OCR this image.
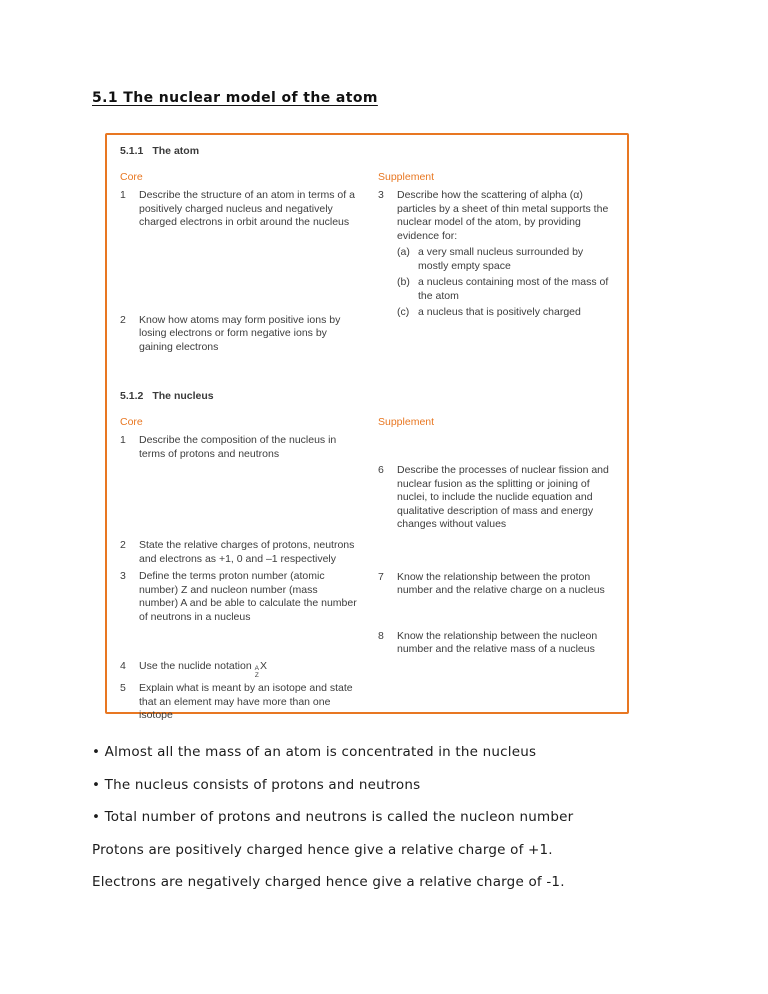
5.1 The nuclear model of the atom
5.1.1 The atom
Core
1	Describe the structure of an atom in terms of a positively charged nucleus and negatively charged electrons in orbit around the nucleus
2	Know how atoms may form positive ions by losing electrons or form negative ions by gaining electrons
Supplement
3	Describe how the scattering of alpha (α) particles by a sheet of thin metal supports the nuclear model of the atom, by providing evidence for:
(a) a very small nucleus surrounded by mostly empty space
(b) a nucleus containing most of the mass of the atom
(c) a nucleus that is positively charged
5.1.2 The nucleus
Core
1	Describe the composition of the nucleus in terms of protons and neutrons
2	State the relative charges of protons, neutrons and electrons as +1, 0 and –1 respectively
3	Define the terms proton number (atomic number) Z and nucleon number (mass number) A and be able to calculate the number of neutrons in a nucleus
4	Use the nuclide notation A
Z
X
5	Explain what is meant by an isotope and state that an element may have more than one isotope
Supplement
6	Describe the processes of nuclear fission and nuclear fusion as the splitting or joining of nuclei, to include the nuclide equation and qualitative description of mass and energy changes without values
7	Know the relationship between the proton number and the relative charge on a nucleus
8	Know the relationship between the nucleon number and the relative mass of a nucleus
• Almost all the mass of an atom is concentrated in the nucleus
• The nucleus consists of protons and neutrons
• Total number of protons and neutrons is called the nucleon number
Protons are positively charged hence give a relative charge of +1.
Electrons are negatively charged hence give a relative charge of -1.
